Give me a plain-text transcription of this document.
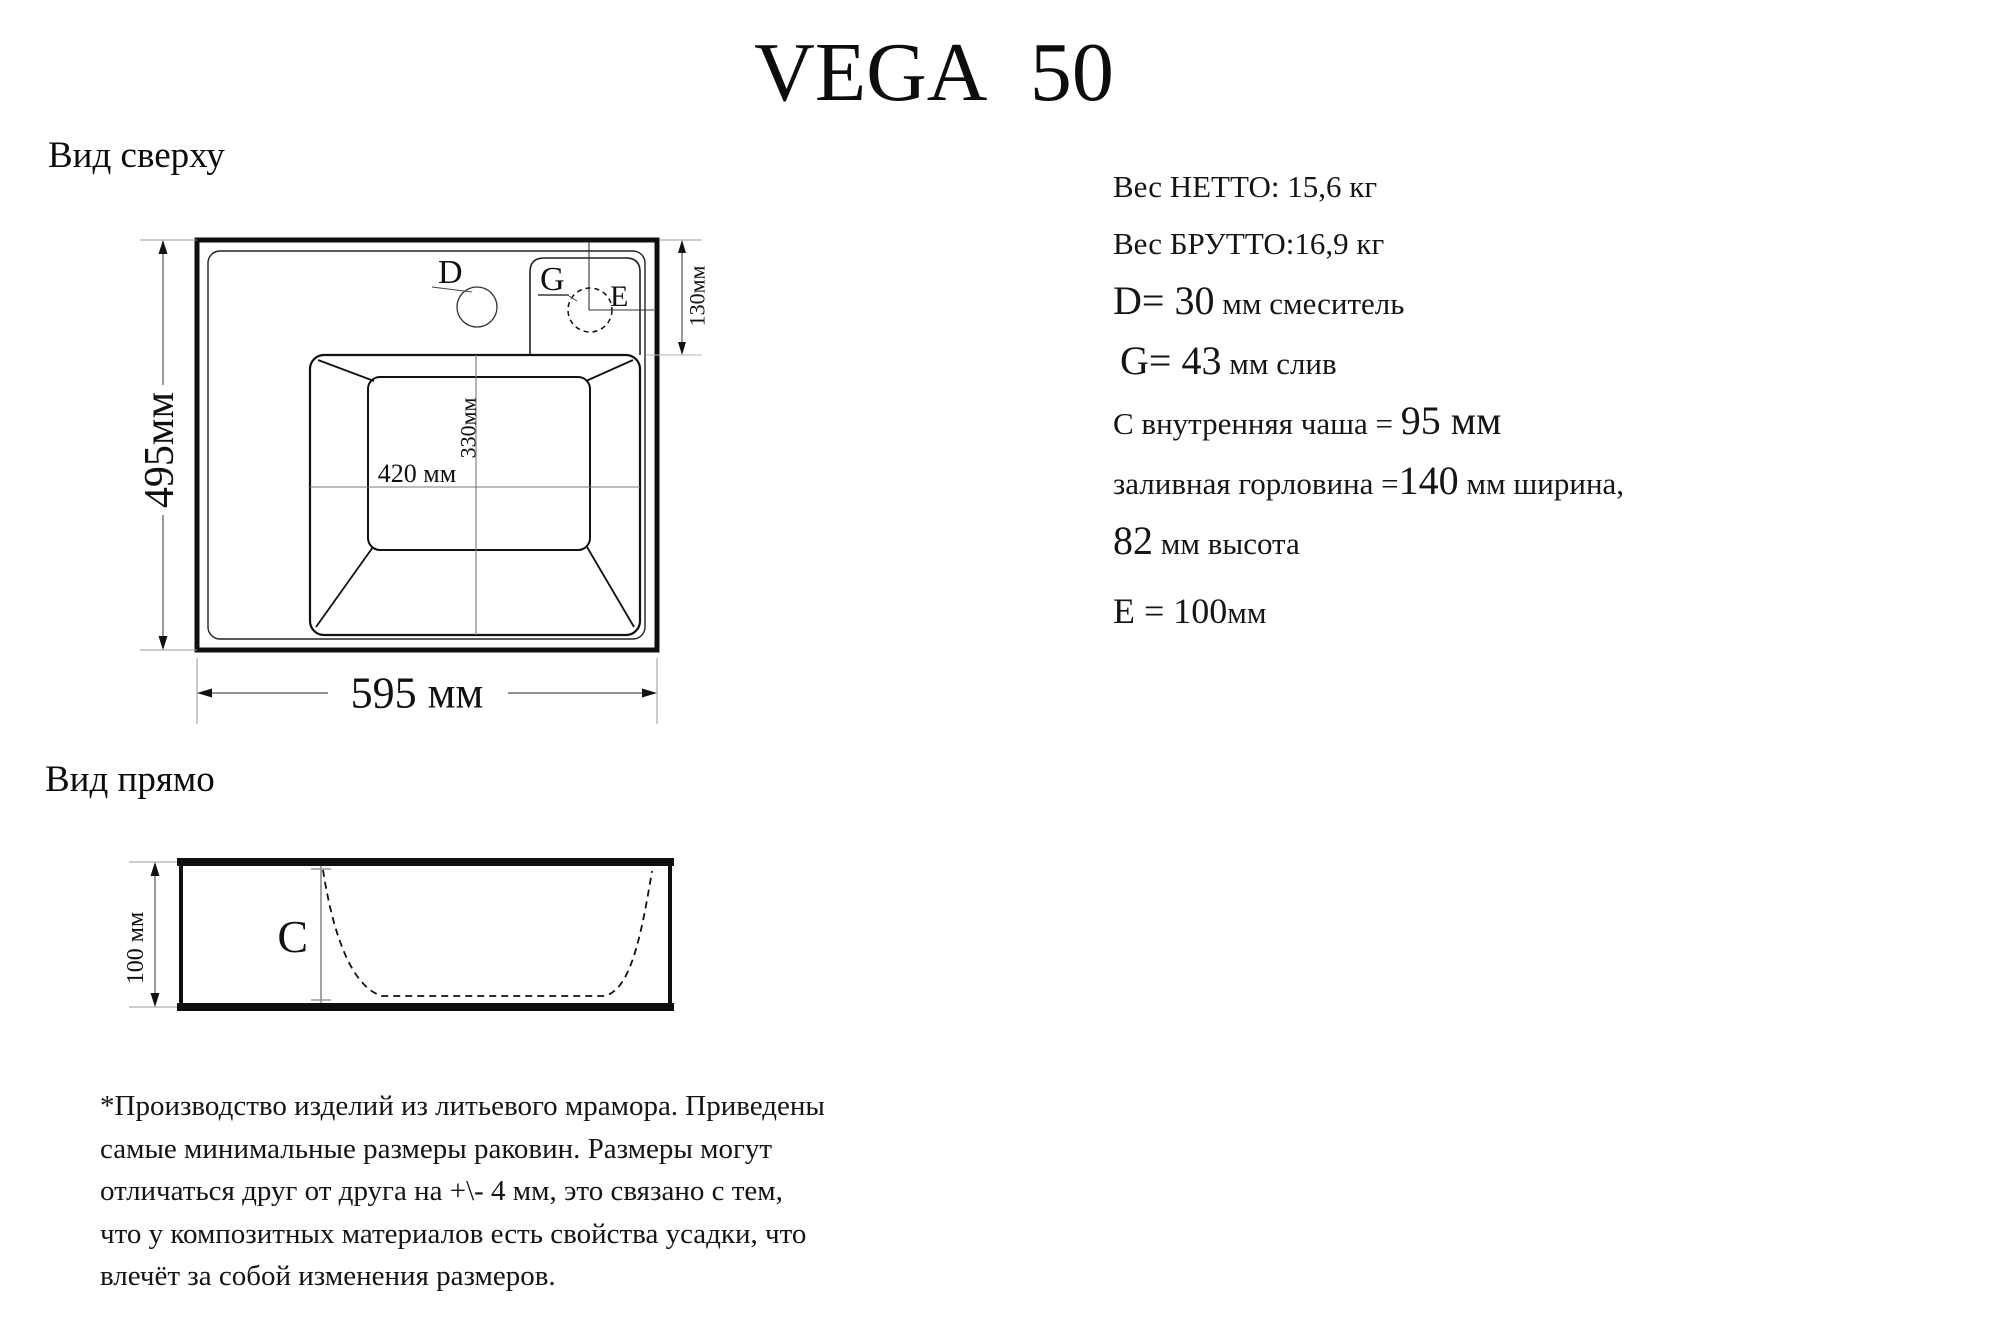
VEGA 50
Вид сверху
D G E
420 мм
330мм
495мм
595 мм
130мм
Вес НЕТТО: 15,6 кг
Вес БРУТТО:16,9 кг
D= 30 мм смеситель
G= 43 мм слив
С внутренняя чаша = 95 мм
заливная горловина =140 мм ширина,
82 мм высота
E = 100мм
Вид прямо
C
100 мм
*Производство изделий из литьевого мрамора. Приведены
самые минимальные размеры раковин. Размеры могут
отличаться друг от друга на +\- 4 мм, это связано с тем,
что у композитных материалов есть свойства усадки, что
влечёт за собой изменения размеров.
